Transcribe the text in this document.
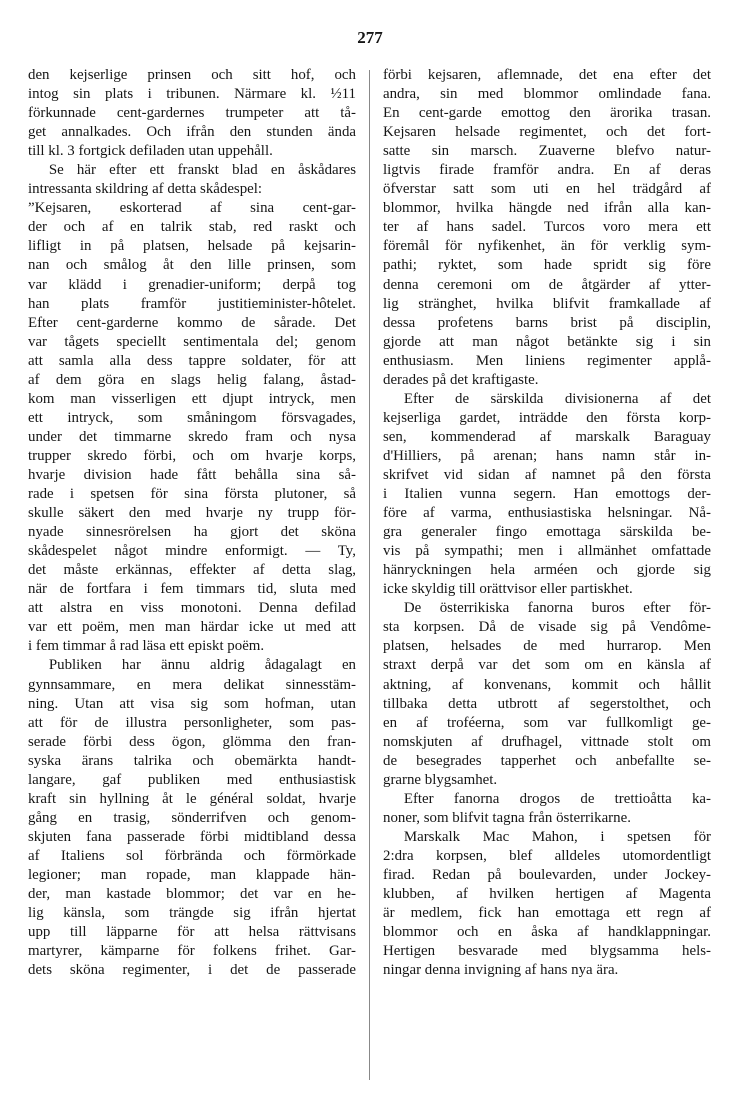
277
den kejserlige prinsen och sitt hof, och
intog sin plats i tribunen. Närmare kl. ½11
förkunnade cent-gardernes trumpeter att tå-
get annalkades. Och ifrån den stunden ända
till kl. 3 fortgick defiladen utan uppehåll.
Se här efter ett franskt blad en åskådares
intressanta skildring af detta skådespel:
”Kejsaren, eskorterad af sina cent-gar-
der och af en talrik stab, red raskt och
lifligt in på platsen, helsade på kejsarin-
nan och smålog åt den lille prinsen, som
var klädd i grenadier-uniform; derpå tog
han plats framför justitieminister-hôtelet.
Efter cent-garderne kommo de sårade. Det
var tågets speciellt sentimentala del; genom
att samla alla dess tappre soldater, för att
af dem göra en slags helig falang, åstad-
kom man visserligen ett djupt intryck, men
ett intryck, som småningom försvagades,
under det timmarne skredo fram och nysa
trupper skredo förbi, och om hvarje korps,
hvarje division hade fått behålla sina så-
rade i spetsen för sina första plutoner, så
skulle säkert den med hvarje ny trupp för-
nyade sinnesrörelsen ha gjort det sköna
skådespelet något mindre enformigt. — Ty,
det måste erkännas, effekter af detta slag,
när de fortfara i fem timmars tid, sluta med
att alstra en viss monotoni. Denna defilad
var ett poëm, men man härdar icke ut med att
i fem timmar å rad läsa ett episkt poëm.
Publiken har ännu aldrig ådagalagt en
gynnsammare, en mera delikat sinnesstäm-
ning. Utan att visa sig som hofman, utan
att för de illustra personligheter, som pas-
serade förbi dess ögon, glömma den fran-
syska ärans talrika och obemärkta handt-
langare, gaf publiken med enthusiastisk
kraft sin hyllning åt le général soldat, hvarje
gång en trasig, sönderrifven och genom-
skjuten fana passerade förbi midtibland dessa
af Italiens sol förbrända och förmörkade
legioner; man ropade, man klappade hän-
der, man kastade blommor; det var en he-
lig känsla, som trängde sig ifrån hjertat
upp till läpparne för att helsa rättvisans
martyrer, kämparne för folkens frihet. Gar-
dets sköna regimenter, i det de passerade
förbi kejsaren, aflemnade, det ena efter det
andra, sin med blommor omlindade fana.
En cent-garde emottog den ärorika trasan.
Kejsaren helsade regimentet, och det fort-
satte sin marsch. Zuaverne blefvo natur-
ligtvis firade framför andra. En af deras
öfverstar satt som uti en hel trädgård af
blommor, hvilka hängde ned ifrån alla kan-
ter af hans sadel. Turcos voro mera ett
föremål för nyfikenhet, än för verklig sym-
pathi; ryktet, som hade spridt sig före
denna ceremoni om de åtgärder af ytter-
lig stränghet, hvilka blifvit framkallade af
dessa profetens barns brist på disciplin,
gjorde att man något betänkte sig i sin
enthusiasm. Men liniens regimenter applå-
derades på det kraftigaste.
Efter de särskilda divisionerna af det
kejserliga gardet, inträdde den första korp-
sen, kommenderad af marskalk Baraguay
d'Hilliers, på arenan; hans namn står in-
skrifvet vid sidan af namnet på den första
i Italien vunna segern. Han emottogs der-
före af varma, enthusiastiska helsningar. Nå-
gra generaler fingo emottaga särskilda be-
vis på sympathi; men i allmänhet omfattade
hänryckningen hela arméen och gjorde sig
icke skyldig till orättvisor eller partiskhet.
De österrikiska fanorna buros efter för-
sta korpsen. Då de visade sig på Vendôme-
platsen, helsades de med hurrarop. Men
straxt derpå var det som om en känsla af
aktning, af konvenans, kommit och hållit
tillbaka detta utbrott af segerstolthet, och
en af troféerna, som var fullkomligt ge-
nomskjuten af drufhagel, vittnade stolt om
de besegrades tapperhet och anbefallte se-
grarne blygsamhet.
Efter fanorna drogos de trettioåtta ka-
noner, som blifvit tagna från österrikarne.
Marskalk Mac Mahon, i spetsen för
2:dra korpsen, blef alldeles utomordentligt
firad. Redan på boulevarden, under Jockey-
klubben, af hvilken hertigen af Magenta
är medlem, fick han emottaga ett regn af
blommor och en åska af handklappningar.
Hertigen besvarade med blygsamma hels-
ningar denna invigning af hans nya ära.
